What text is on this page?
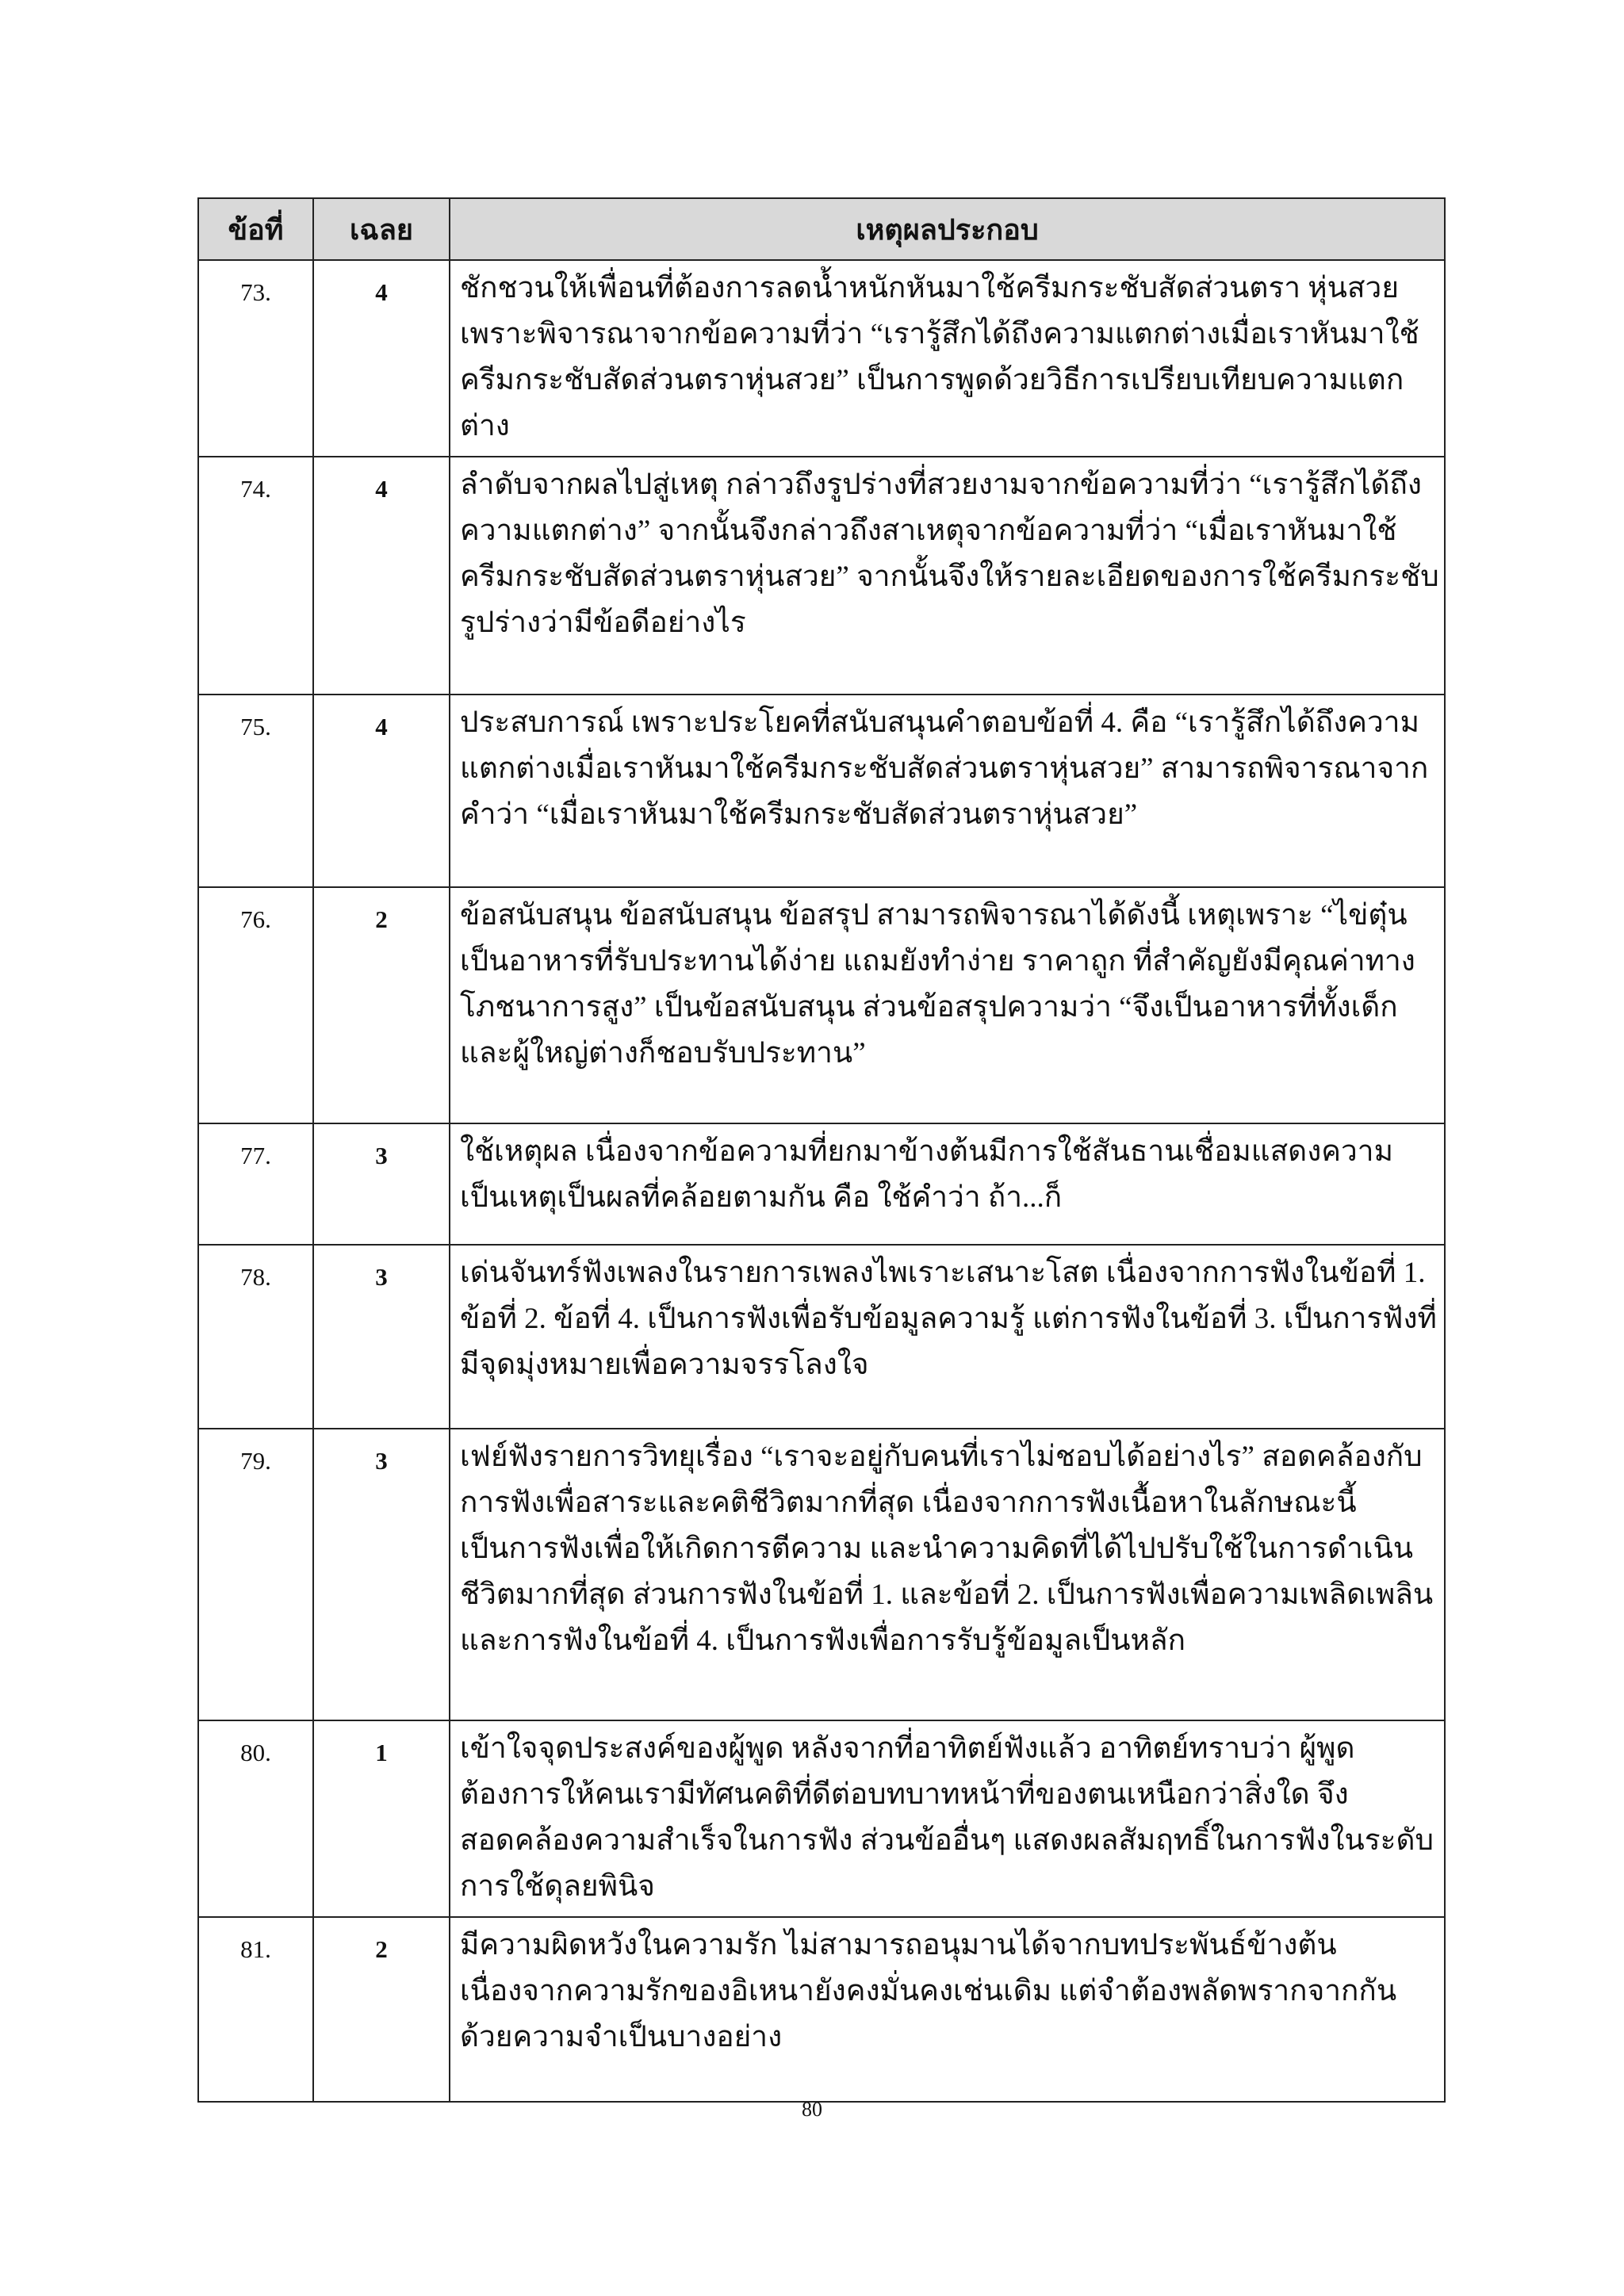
ข้อที่	เฉลย	เหตุผลประกอบ
73.	4	ชักชวนให้เพื่อนที่ต้องการลดน้ำหนักหันมาใช้ครีมกระชับสัดส่วนตรา หุ่นสวย เพราะพิจารณาจากข้อความที่ว่า “เรารู้สึกได้ถึงความแตกต่างเมื่อเราหันมาใช้ครีมกระชับสัดส่วนตราหุ่นสวย” เป็นการพูดด้วยวิธีการเปรียบเทียบความแตกต่าง
74.	4	ลำดับจากผลไปสู่เหตุ กล่าวถึงรูปร่างที่สวยงามจากข้อความที่ว่า “เรารู้สึกได้ถึงความแตกต่าง” จากนั้นจึงกล่าวถึงสาเหตุจากข้อความที่ว่า “เมื่อเราหันมาใช้ครีมกระชับสัดส่วนตราหุ่นสวย” จากนั้นจึงให้รายละเอียดของการใช้ครีมกระชับรูปร่างว่ามีข้อดีอย่างไร
75.	4	ประสบการณ์ เพราะประโยคที่สนับสนุนคำตอบข้อที่ 4. คือ “เรารู้สึกได้ถึงความแตกต่างเมื่อเราหันมาใช้ครีมกระชับสัดส่วนตราหุ่นสวย” สามารถพิจารณาจากคำว่า “เมื่อเราหันมาใช้ครีมกระชับสัดส่วนตราหุ่นสวย”
76.	2	ข้อสนับสนุน ข้อสนับสนุน ข้อสรุป สามารถพิจารณาได้ดังนี้ เหตุเพราะ “ไข่ตุ๋นเป็นอาหารที่รับประทานได้ง่าย แถมยังทำง่าย ราคาถูก ที่สำคัญยังมีคุณค่าทางโภชนาการสูง” เป็นข้อสนับสนุน ส่วนข้อสรุปความว่า “จึงเป็นอาหารที่ทั้งเด็กและผู้ใหญ่ต่างก็ชอบรับประทาน”
77.	3	ใช้เหตุผล เนื่องจากข้อความที่ยกมาข้างต้นมีการใช้สันธานเชื่อมแสดงความเป็นเหตุเป็นผลที่คล้อยตามกัน คือ ใช้คำว่า ถ้า...ก็
78.	3	เด่นจันทร์ฟังเพลงในรายการเพลงไพเราะเสนาะโสต เนื่องจากการฟังในข้อที่ 1. ข้อที่ 2. ข้อที่ 4. เป็นการฟังเพื่อรับข้อมูลความรู้ แต่การฟังในข้อที่ 3. เป็นการฟังที่มีจุดมุ่งหมายเพื่อความจรรโลงใจ
79.	3	เฟย์ฟังรายการวิทยุเรื่อง “เราจะอยู่กับคนที่เราไม่ชอบได้อย่างไร” สอดคล้องกับการฟังเพื่อสาระและคติชีวิตมากที่สุด เนื่องจากการฟังเนื้อหาในลักษณะนี้เป็นการฟังเพื่อให้เกิดการตีความ และนำความคิดที่ได้ไปปรับใช้ในการดำเนินชีวิตมากที่สุด ส่วนการฟังในข้อที่ 1. และข้อที่ 2. เป็นการฟังเพื่อความเพลิดเพลิน และการฟังในข้อที่ 4. เป็นการฟังเพื่อการรับรู้ข้อมูลเป็นหลัก
80.	1	เข้าใจจุดประสงค์ของผู้พูด หลังจากที่อาทิตย์ฟังแล้ว อาทิตย์ทราบว่า ผู้พูดต้องการให้คนเรามีทัศนคติที่ดีต่อบทบาทหน้าที่ของตนเหนือกว่าสิ่งใด จึงสอดคล้องความสำเร็จในการฟัง ส่วนข้ออื่นๆ แสดงผลสัมฤทธิ์ในการฟังในระดับการใช้ดุลยพินิจ
81.	2	มีความผิดหวังในความรัก ไม่สามารถอนุมานได้จากบทประพันธ์ข้างต้น เนื่องจากความรักของอิเหนายังคงมั่นคงเช่นเดิม แต่จำต้องพลัดพรากจากกันด้วยความจำเป็นบางอย่าง
80
